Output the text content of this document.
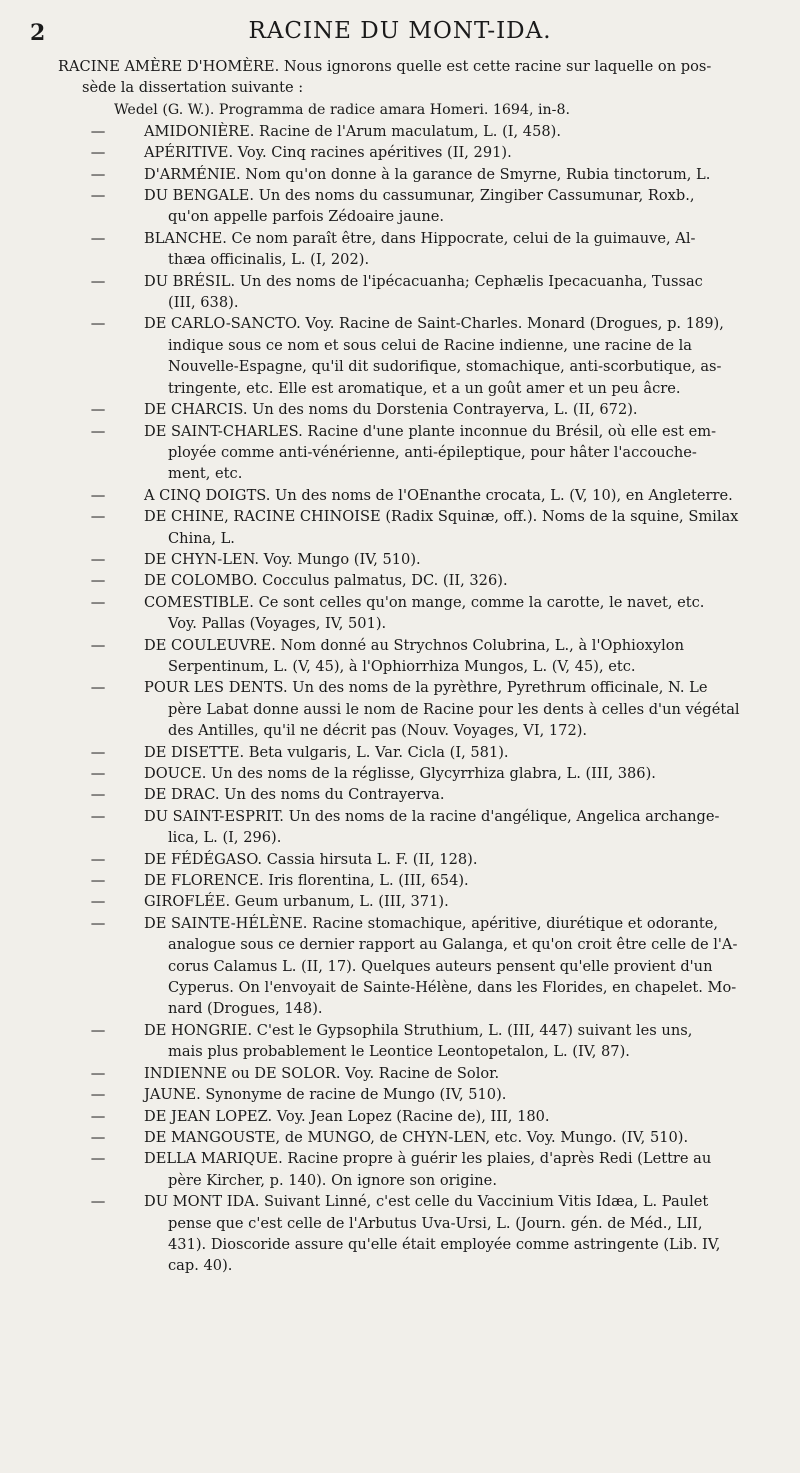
2	RACINE DU MONT-IDA.
RACINE AMÈRE D'HOMÈRE. Nous ignorons quelle est cette racine sur laquelle on pos-
sède la dissertation suivante :
Wedel (G. W.). Programma de radice amara Homeri. 1694, in-8.
—	AMIDONIÈRE. Racine de l'Arum maculatum, L. (I, 458).
—	APÉRITIVE. Voy. Cinq racines apéritives (II, 291).
—	D'ARMÉNIE. Nom qu'on donne à la garance de Smyrne, Rubia tinctorum, L.
—	DU BENGALE. Un des noms du cassumunar, Zingiber Cassumunar, Roxb.,
qu'on appelle parfois Zédoaire jaune.
—	BLANCHE. Ce nom paraît être, dans Hippocrate, celui de la guimauve, Al-
thæa officinalis, L. (I, 202).
—	DU BRÉSIL. Un des noms de l'ipécacuanha; Cephælis Ipecacuanha, Tussac
(III, 638).
—	DE CARLO-SANCTO. Voy. Racine de Saint-Charles. Monard (Drogues, p. 189),
indique sous ce nom et sous celui de Racine indienne, une racine de la
Nouvelle-Espagne, qu'il dit sudorifique, stomachique, anti-scorbutique, as-
tringente, etc. Elle est aromatique, et a un goût amer et un peu âcre.
—	DE CHARCIS. Un des noms du Dorstenia Contrayerva, L. (II, 672).
—	DE SAINT-CHARLES. Racine d'une plante inconnue du Brésil, où elle est em-
ployée comme anti-vénérienne, anti-épileptique, pour hâter l'accouche-
ment, etc.
—	A CINQ DOIGTS. Un des noms de l'OEnanthe crocata, L. (V, 10), en Angleterre.
—	DE CHINE, RACINE CHINOISE (Radix Squinæ, off.). Noms de la squine, Smilax
China, L.
—	DE CHYN-LEN. Voy. Mungo (IV, 510).
—	DE COLOMBO. Cocculus palmatus, DC. (II, 326).
—	COMESTIBLE. Ce sont celles qu'on mange, comme la carotte, le navet, etc.
Voy. Pallas (Voyages, IV, 501).
—	DE COULEUVRE. Nom donné au Strychnos Colubrina, L., à l'Ophioxylon
Serpentinum, L. (V, 45), à l'Ophiorrhiza Mungos, L. (V, 45), etc.
—	POUR LES DENTS. Un des noms de la pyrèthre, Pyrethrum officinale, N. Le
père Labat donne aussi le nom de Racine pour les dents à celles d'un végétal
des Antilles, qu'il ne décrit pas (Nouv. Voyages, VI, 172).
—	DE DISETTE. Beta vulgaris, L. Var. Cicla (I, 581).
—	DOUCE. Un des noms de la réglisse, Glycyrrhiza glabra, L. (III, 386).
—	DE DRAC. Un des noms du Contrayerva.
—	DU SAINT-ESPRIT. Un des noms de la racine d'angélique, Angelica archange-
lica, L. (I, 296).
—	DE FÉDÉGASO. Cassia hirsuta L. F. (II, 128).
—	DE FLORENCE. Iris florentina, L. (III, 654).
—	GIROFLÉE. Geum urbanum, L. (III, 371).
—	DE SAINTE-HÉLÈNE. Racine stomachique, apéritive, diurétique et odorante,
analogue sous ce dernier rapport au Galanga, et qu'on croit être celle de l'A-
corus Calamus L. (II, 17). Quelques auteurs pensent qu'elle provient d'un
Cyperus. On l'envoyait de Sainte-Hélène, dans les Florides, en chapelet. Mo-
nard (Drogues, 148).
—	DE HONGRIE. C'est le Gypsophila Struthium, L. (III, 447) suivant les uns,
mais plus probablement le Leontice Leontopetalon, L. (IV, 87).
—	INDIENNE ou DE SOLOR. Voy. Racine de Solor.
—	JAUNE. Synonyme de racine de Mungo (IV, 510).
—	DE JEAN LOPEZ. Voy. Jean Lopez (Racine de), III, 180.
—	DE MANGOUSTE, de MUNGO, de CHYN-LEN, etc. Voy. Mungo. (IV, 510).
—	DELLA MARIQUE. Racine propre à guérir les plaies, d'après Redi (Lettre au
père Kircher, p. 140). On ignore son origine.
—	DU MONT IDA. Suivant Linné, c'est celle du Vaccinium Vitis Idæa, L. Paulet
pense que c'est celle de l'Arbutus Uva-Ursi, L. (Journ. gén. de Méd., LII,
431). Dioscoride assure qu'elle était employée comme astringente (Lib. IV,
cap. 40).
